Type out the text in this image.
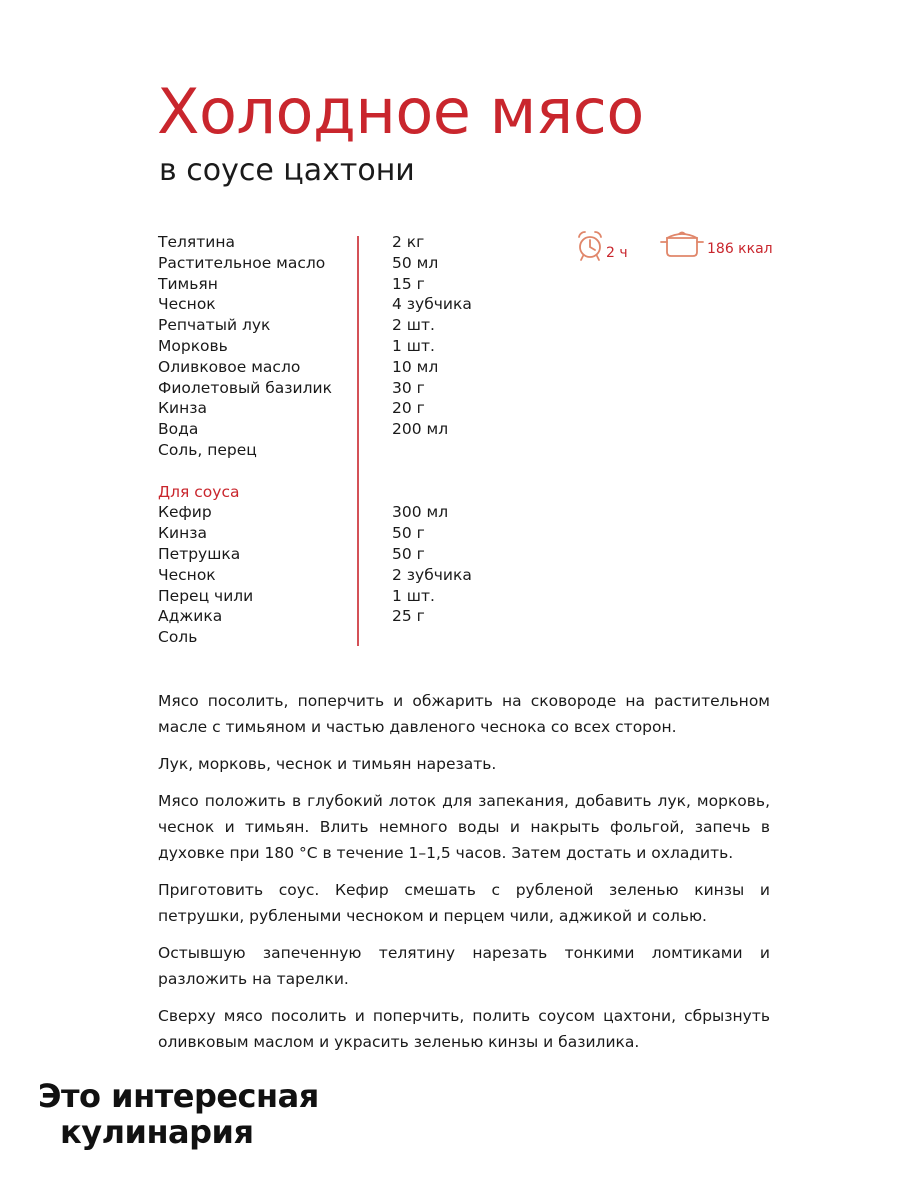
Холодное мясо
в соусе цахтони
2 ч	186 ккал
Телятина	2 кг
Растительное масло	50 мл
Тимьян	15 г
Чеснок	4 зубчика
Репчатый лук	2 шт.
Морковь	1 шт.
Оливковое масло	10 мл
Фиолетовый базилик	30 г
Кинза	20 г
Вода	200 мл
Соль, перец
Для соуса
Кефир	300 мл
Кинза	50 г
Петрушка	50 г
Чеснок	2 зубчика
Перец чили	1 шт.
Аджика	25 г
Соль

Мясо посолить, поперчить и обжарить на сковороде на растительном масле с тимьяном и частью давленого чеснока со всех сторон.

Лук, морковь, чеснок и тимьян нарезать.

Мясо положить в глубокий лоток для запекания, добавить лук, морковь, чеснок и тимьян. Влить немного воды и накрыть фольгой, запечь в духовке при 180 °С в течение 1–1,5 часов. Затем достать и охладить.

Приготовить соус. Кефир смешать с рубленой зеленью кинзы и петрушки, рублеными чесноком и перцем чили, аджикой и солью.

Остывшую запеченную телятину нарезать тонкими ломтиками и разложить на тарелки.

Сверху мясо посолить и поперчить, полить соусом цахтони, сбрызнуть оливковым маслом и украсить зеленью кинзы и базилика.

Это интересная
кулинария
